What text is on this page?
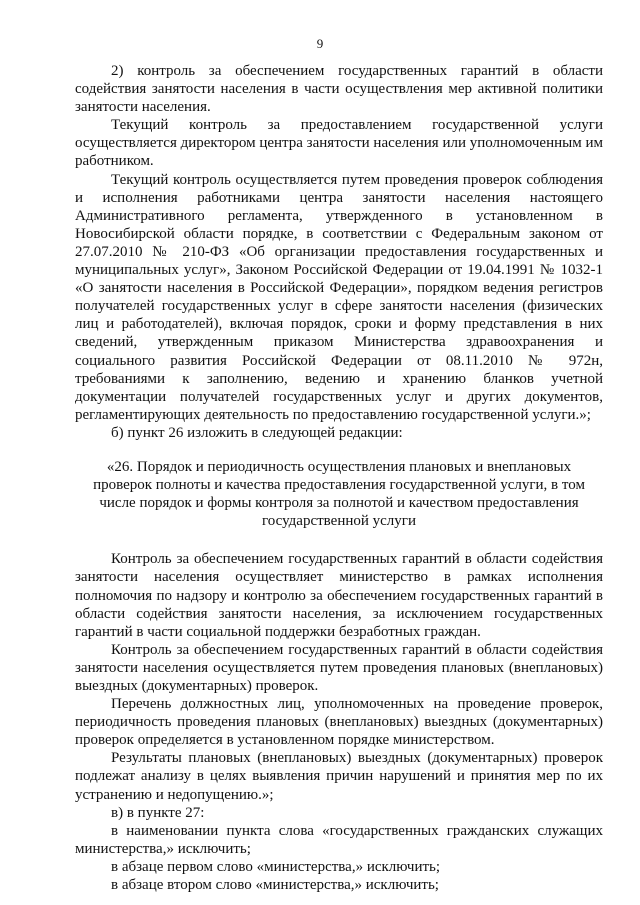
9

2) контроль за обеспечением государственных гарантий в области содействия занятости населения в части осуществления мер активной политики занятости населения.

Текущий контроль за предоставлением государственной услуги осуществляется директором центра занятости населения или уполномоченным им работником.

Текущий контроль осуществляется путем проведения проверок соблюдения и исполнения работниками центра занятости населения настоящего Административного регламента, утвержденного в установленном в Новосибирской области порядке, в соответствии с Федеральным законом от 27.07.2010 № 210-ФЗ «Об организации предоставления государственных и муниципальных услуг», Законом Российской Федерации от 19.04.1991 № 1032-1 «О занятости населения в Российской Федерации», порядком ведения регистров получателей государственных услуг в сфере занятости населения (физических лиц и работодателей), включая порядок, сроки и форму представления в них сведений, утвержденным приказом Министерства здравоохранения и социального развития Российской Федерации от 08.11.2010 № 972н, требованиями к заполнению, ведению и хранению бланков учетной документации получателей государственных услуг и других документов, регламентирующих деятельность по предоставлению государственной услуги.»;

б) пункт 26 изложить в следующей редакции:

«26. Порядок и периодичность осуществления плановых и внеплановых проверок полноты и качества предоставления государственной услуги, в том числе порядок и формы контроля за полнотой и качеством предоставления государственной услуги

Контроль за обеспечением государственных гарантий в области содействия занятости населения осуществляет министерство в рамках исполнения полномочия по надзору и контролю за обеспечением государственных гарантий в области содействия занятости населения, за исключением государственных гарантий в части социальной поддержки безработных граждан.

Контроль за обеспечением государственных гарантий в области содействия занятости населения осуществляется путем проведения плановых (внеплановых) выездных (документарных) проверок.

Перечень должностных лиц, уполномоченных на проведение проверок, периодичность проведения плановых (внеплановых) выездных (документарных) проверок определяется в установленном порядке министерством.

Результаты плановых (внеплановых) выездных (документарных) проверок подлежат анализу в целях выявления причин нарушений и принятия мер по их устранению и недопущению.»;

в) в пункте 27:

в наименовании пункта слова «государственных гражданских служащих министерства,» исключить;

в абзаце первом слово «министерства,» исключить;

в абзаце втором слово «министерства,» исключить;
